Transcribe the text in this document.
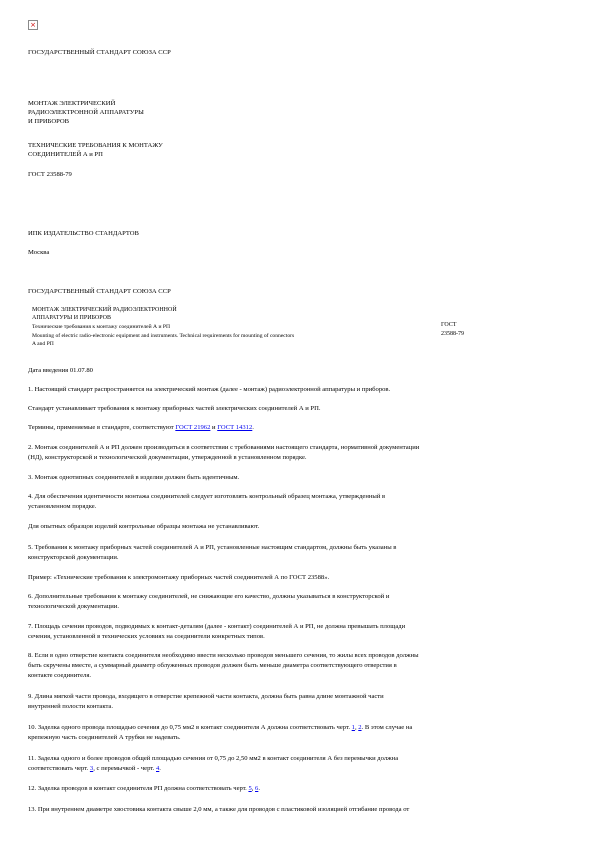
×

ГОСУДАРСТВЕННЫЙ СТАНДАРТ СОЮЗА ССР

МОНТАЖ ЭЛЕКТРИЧЕСКИЙ

РАДИОЭЛЕКТРОННОЙ АППАРАТУРЫ

И ПРИБОРОВ

ТЕХНИЧЕСКИЕ ТРЕБОВАНИЯ К МОНТАЖУ

СОЕДИНИТЕЛЕЙ А и РП

ГОСТ 23588-79

ИПК ИЗДАТЕЛЬСТВО СТАНДАРТОВ

Москва

ГОСУДАРСТВЕННЫЙ СТАНДАРТ СОЮЗА ССР

МОНТАЖ ЭЛЕКТРИЧЕСКИЙ РАДИОЭЛЕКТРОННОЙ

АППАРАТУРЫ И ПРИБОРОВ

Технические требования к монтажу соединителей А и РП

Mounting of electric radio-electronic equipment and instruments. Technical requirements for mounting of connectors

A and PП

ГОСТ

23588-79

Дата введения 01.07.80

1. Настоящий стандарт распространяется на электрический монтаж (далее - монтаж) радиоэлектронной аппаратуры и приборов.

Стандарт устанавливает требования к монтажу приборных частей электрических соединителей А и РП.

Термины, применяемые в стандарте, соответствуют ГОСТ 21962 и ГОСТ 14312.

2. Монтаж соединителей А и РП должен производиться в соответствии с требованиями настоящего стандарта, нормативной документации

(НД), конструкторской и технологической документации, утвержденной в установленном порядке.

3. Монтаж однотипных соединителей в изделии должен быть идентичным.

4. Для обеспечения идентичности монтажа соединителей следует изготовлять контрольный образец монтажа, утвержденный в

установленном порядке.

Для опытных образцов изделий контрольные образцы монтажа не устанавливают.

5. Требования к монтажу приборных частей соединителей А и РП, установленные настоящим стандартом, должны быть указаны в

конструкторской документации.

Пример: «Технические требования к электромонтажу приборных частей соединителей А по ГОСТ 23588».

6. Дополнительные требования к монтажу соединителей, не снижающие его качество, должны указываться в конструкторской и

технологической документации.

7. Площадь сечения проводов, подводимых к контакт-деталям (далее - контакт) соединителей А и РП, не должна превышать площади

сечения, установленной в технических условиях на соединители конкретных типов.

8. Если в одно отверстие контакта соединителя необходимо ввести несколько проводов меньшего сечения, то жилы всех проводов должны

быть скручены вместе, а суммарный диаметр облуженных проводов должен быть меньше диаметра соответствующего отверстия в

контакте соединителя.

9. Длина мягкой части провода, входящего в отверстие крепежной части контакта, должна быть равна длине монтажной части

внутренней полости контакта.

10. Заделка одного провода площадью сечения до 0,75 мм2 в контакт соединителя А должна соответствовать черт. 1, 2. В этом случае на

крепежную часть соединителей А трубки не надевать.

11. Заделка одного и более проводов общей площадью сечения от 0,75 до 2,50 мм2 в контакт соединителя А без перемычки должна

соответствовать черт. 3, с перемычкой - черт. 4.

12. Заделка проводов в контакт соединителя РП должна соответствовать черт. 5, 6.

13. При внутреннем диаметре хвостовика контакта свыше 2,0 мм, а также для проводов с пластиковой изоляцией отгибание провода от
